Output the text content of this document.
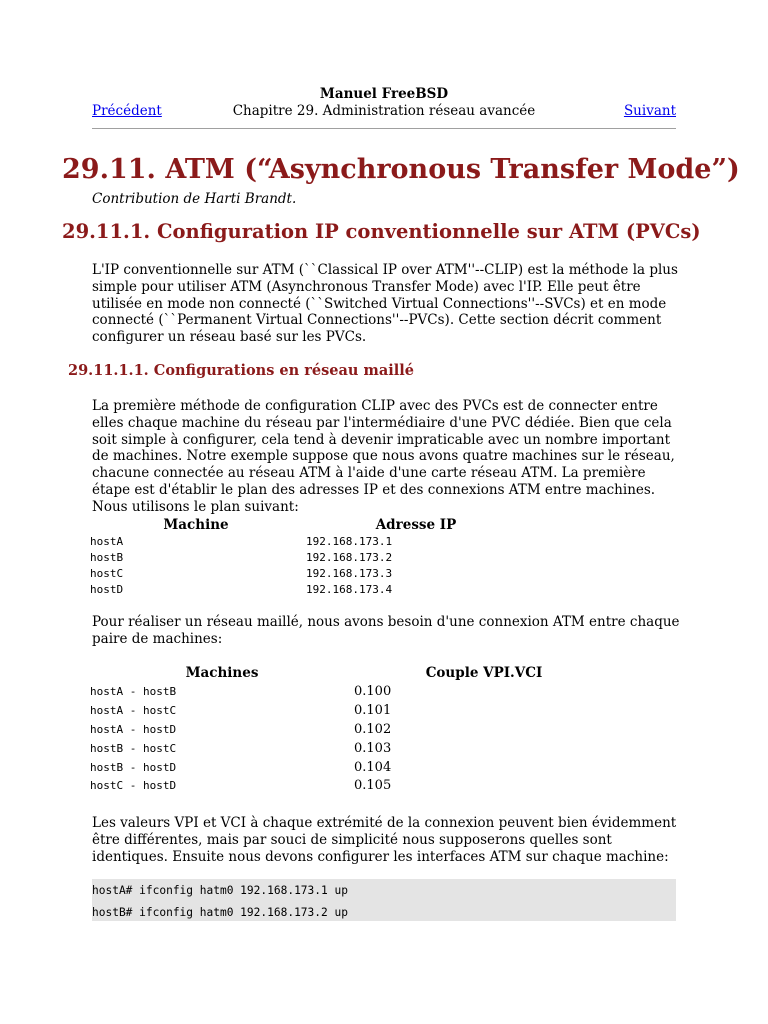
Manuel FreeBSD
Chapitre 29. Administration réseau avancée
Précédent	Suivant
29.11. ATM (“Asynchronous Transfer Mode”)
Contribution de Harti Brandt.
29.11.1. Configuration IP conventionnelle sur ATM (PVCs)

L'IP conventionnelle sur ATM (``Classical IP over ATM''--CLIP) est la méthode la plus simple pour utiliser ATM (Asynchronous Transfer Mode) avec l'IP. Elle peut être utilisée en mode non connecté (``Switched Virtual Connections''--SVCs) et en mode connecté (``Permanent Virtual Connections''--PVCs). Cette section décrit comment configurer un réseau basé sur les PVCs.

29.11.1.1. Configurations en réseau maillé

La première méthode de configuration CLIP avec des PVCs est de connecter entre elles chaque machine du réseau par l'intermédiaire d'une PVC dédiée. Bien que cela soit simple à configurer, cela tend à devenir impraticable avec un nombre important de machines. Notre exemple suppose que nous avons quatre machines sur le réseau, chacune connectée au réseau ATM à l'aide d'une carte réseau ATM. La première étape est d'établir le plan des adresses IP et des connexions ATM entre machines. Nous utilisons le plan suivant:

Machine	Adresse IP
hostA	192.168.173.1
hostB	192.168.173.2
hostC	192.168.173.3
hostD	192.168.173.4

Pour réaliser un réseau maillé, nous avons besoin d'une connexion ATM entre chaque paire de machines:

Machines	Couple VPI.VCI
hostA - hostB	0.100
hostA - hostC	0.101
hostA - hostD	0.102
hostB - hostC	0.103
hostB - hostD	0.104
hostC - hostD	0.105

Les valeurs VPI et VCI à chaque extrémité de la connexion peuvent bien évidemment être différentes, mais par souci de simplicité nous supposerons quelles sont identiques. Ensuite nous devons configurer les interfaces ATM sur chaque machine:

hostA# ifconfig hatm0 192.168.173.1 up
hostB# ifconfig hatm0 192.168.173.2 up
